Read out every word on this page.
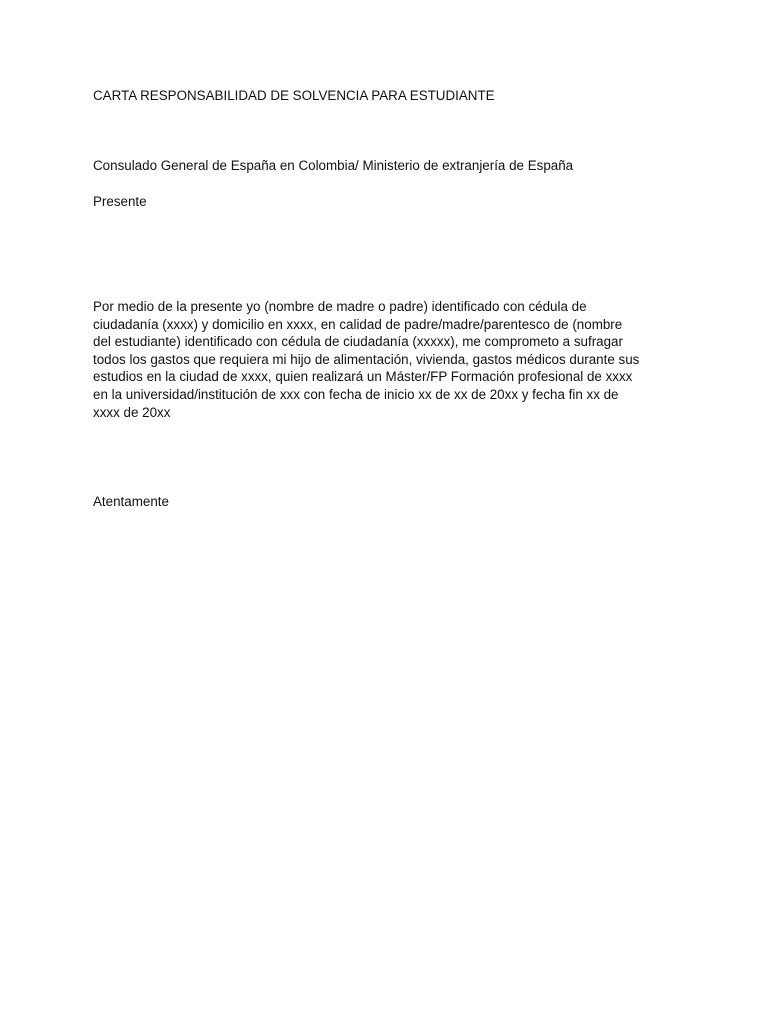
CARTA RESPONSABILIDAD DE SOLVENCIA PARA ESTUDIANTE

Consulado General de España en Colombia/ Ministerio de extranjería de España

Presente

Por medio de la presente yo (nombre de madre o padre) identificado con cédula de
ciudadanía (xxxx) y domicilio en xxxx, en calidad de padre/madre/parentesco de (nombre
del estudiante) identificado con cédula de ciudadanía (xxxxx), me comprometo a sufragar
todos los gastos que requiera mi hijo de alimentación, vivienda, gastos médicos durante sus
estudios en la ciudad de xxxx, quien realizará un Máster/FP Formación profesional de xxxx
en la universidad/institución de xxx con fecha de inicio xx de xx de 20xx y fecha fin xx de
xxxx de 20xx

Atentamente
